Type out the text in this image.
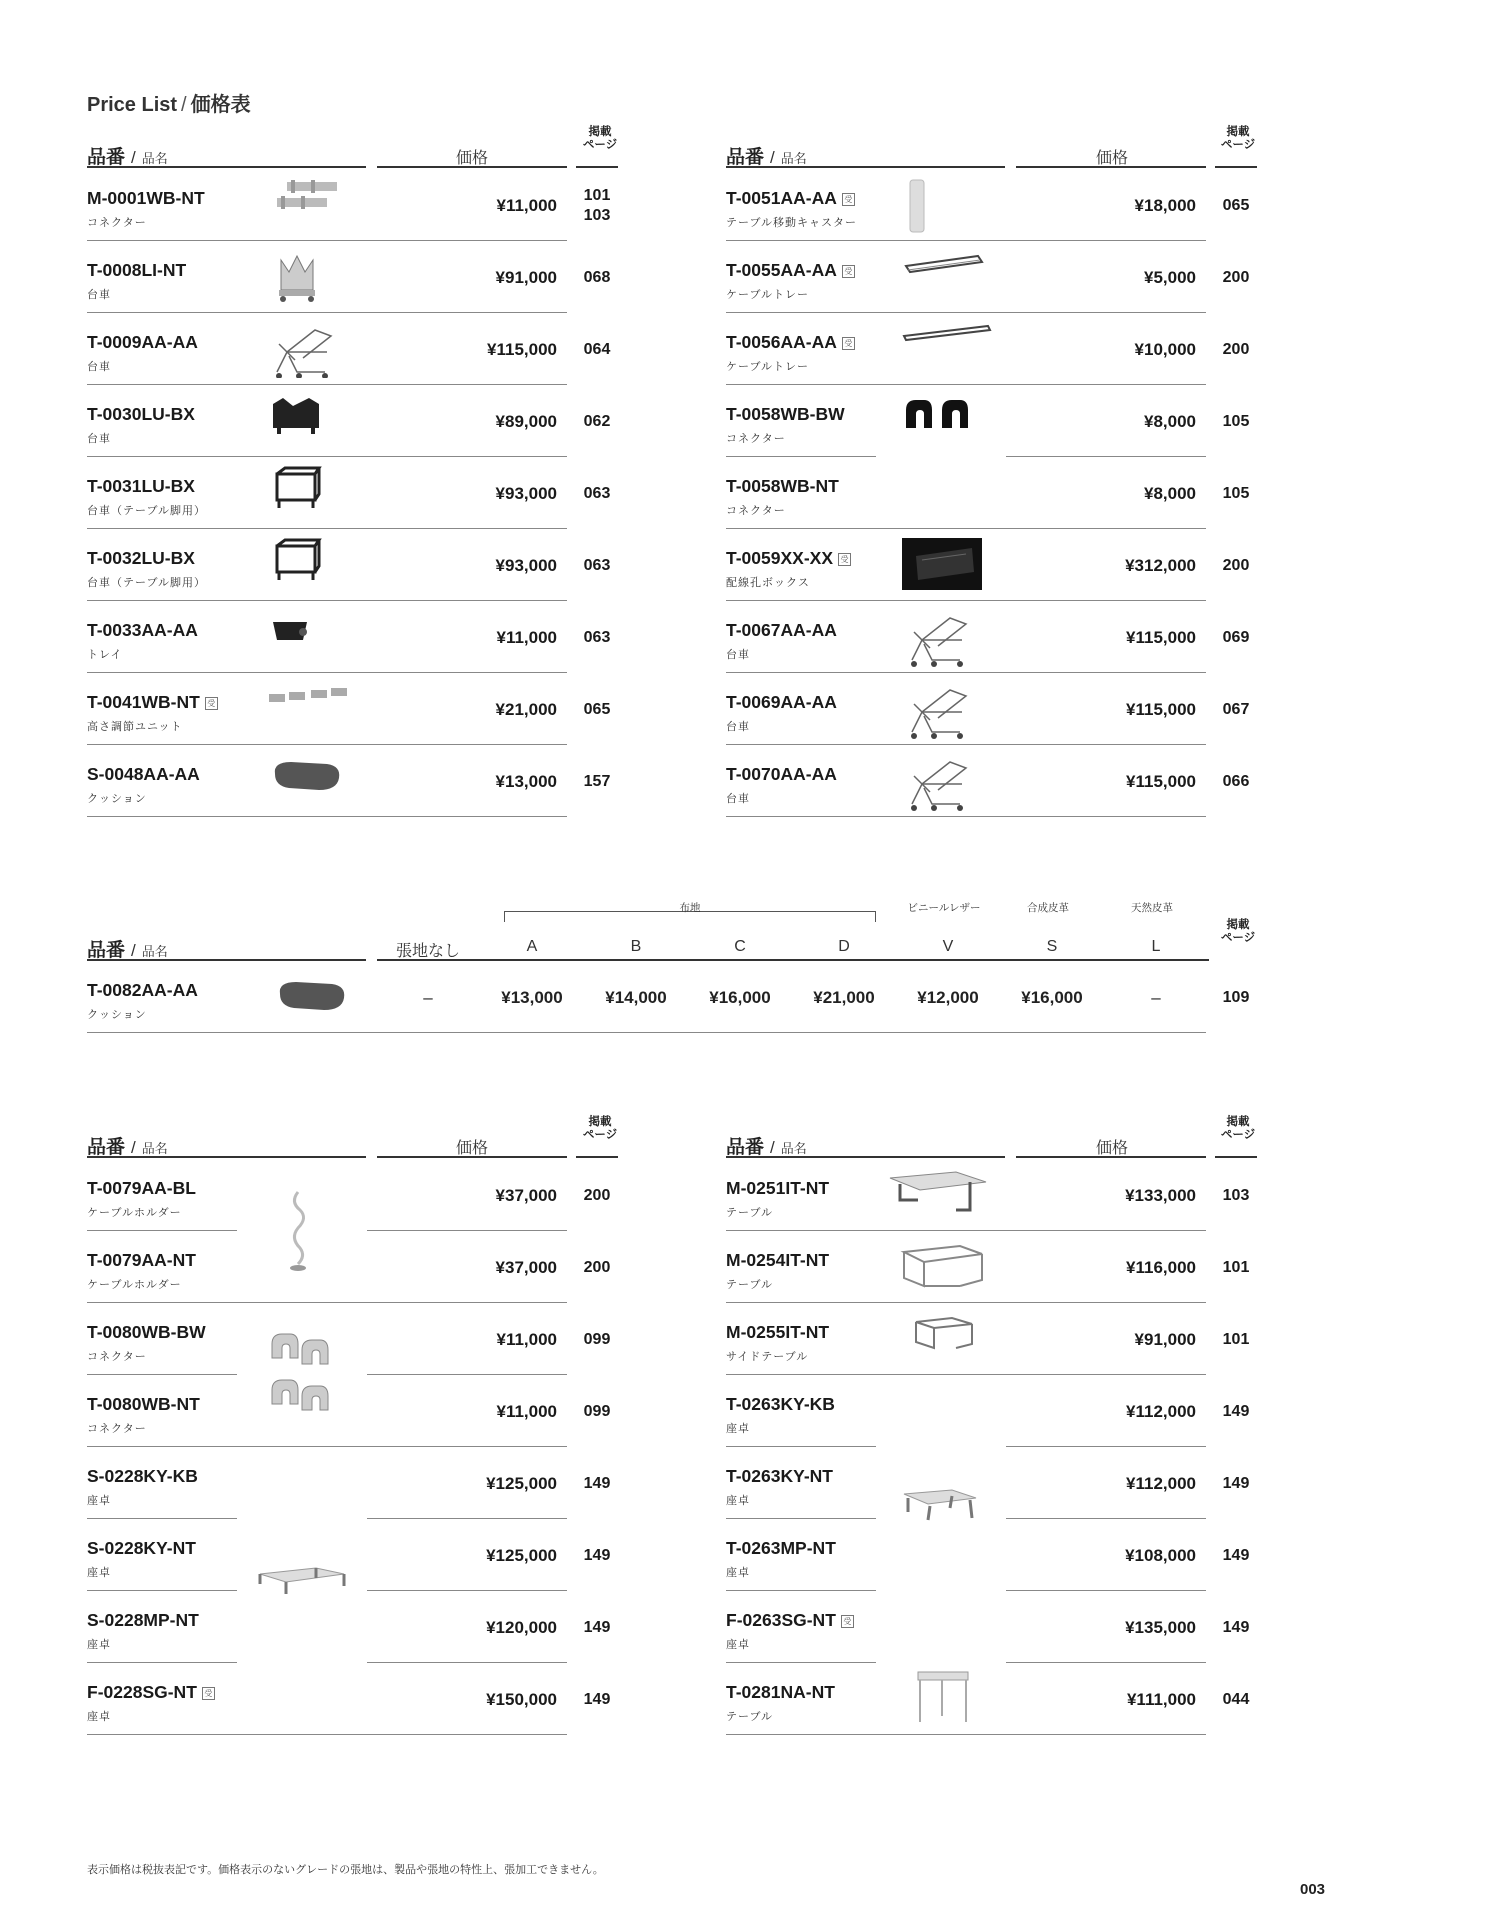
Price List / 価格表
品番 / 品名	価格
掲載
ページ
品番 / 品名	価格
掲載
ページ
M-0001WB-NT
コネクター
¥11,000
101
103
T-0008LI-NT
台車
¥91,000	068
T-0009AA-AA
台車
¥115,000	064
T-0030LU-BX
台車
¥89,000	062
T-0031LU-BX
台車（テーブル脚用）
¥93,000	063
T-0032LU-BX
台車（テーブル脚用）
¥93,000	063
T-0033AA-AA
トレイ
¥11,000	063
T-0041WB-NT 受
高さ調節ユニット
¥21,000	065
S-0048AA-AA
クッション
¥13,000	157
T-0051AA-AA 受
テーブル移動キャスター
¥18,000	065
T-0055AA-AA 受
ケーブルトレー
¥5,000	200
T-0056AA-AA 受
ケーブルトレー
¥10,000	200
T-0058WB-BW
コネクター
¥8,000	105
T-0058WB-NT
コネクター
¥8,000	105
T-0059XX-XX 受
配線孔ボックス
¥312,000	200
T-0067AA-AA
台車
¥115,000	069
T-0069AA-AA
台車
¥115,000	067
T-0070AA-AA
台車
¥115,000	066
品番 / 品名
掲載
ページ
張地なし	A	B	C	D	V	S	L
布地	ビニールレザー	合成皮革	天然皮革
T-0082AA-AA
クッション
–	¥13,000	¥14,000	¥16,000	¥21,000	¥12,000	¥16,000	–	109
品番 / 品名	価格
掲載
ページ
品番 / 品名	価格
掲載
ページ
T-0079AA-BL
ケーブルホルダー
¥37,000	200
T-0079AA-NT
ケーブルホルダー
¥37,000	200
T-0080WB-BW
コネクター
¥11,000	099
T-0080WB-NT
コネクター
¥11,000	099
S-0228KY-KB
座卓
¥125,000	149
S-0228KY-NT
座卓
¥125,000	149
S-0228MP-NT
座卓
¥120,000	149
F-0228SG-NT 受
座卓
¥150,000	149
M-0251IT-NT
テーブル
¥133,000	103
M-0254IT-NT
テーブル
¥116,000	101
M-0255IT-NT
サイドテーブル
¥91,000	101
T-0263KY-KB
座卓
¥112,000	149
T-0263KY-NT
座卓
¥112,000	149
T-0263MP-NT
座卓
¥108,000	149
F-0263SG-NT 受
座卓
¥135,000	149
T-0281NA-NT
テーブル
¥111,000	044
表示価格は税抜表記です。価格表示のないグレードの張地は、製品や張地の特性上、張加工できません。
003
